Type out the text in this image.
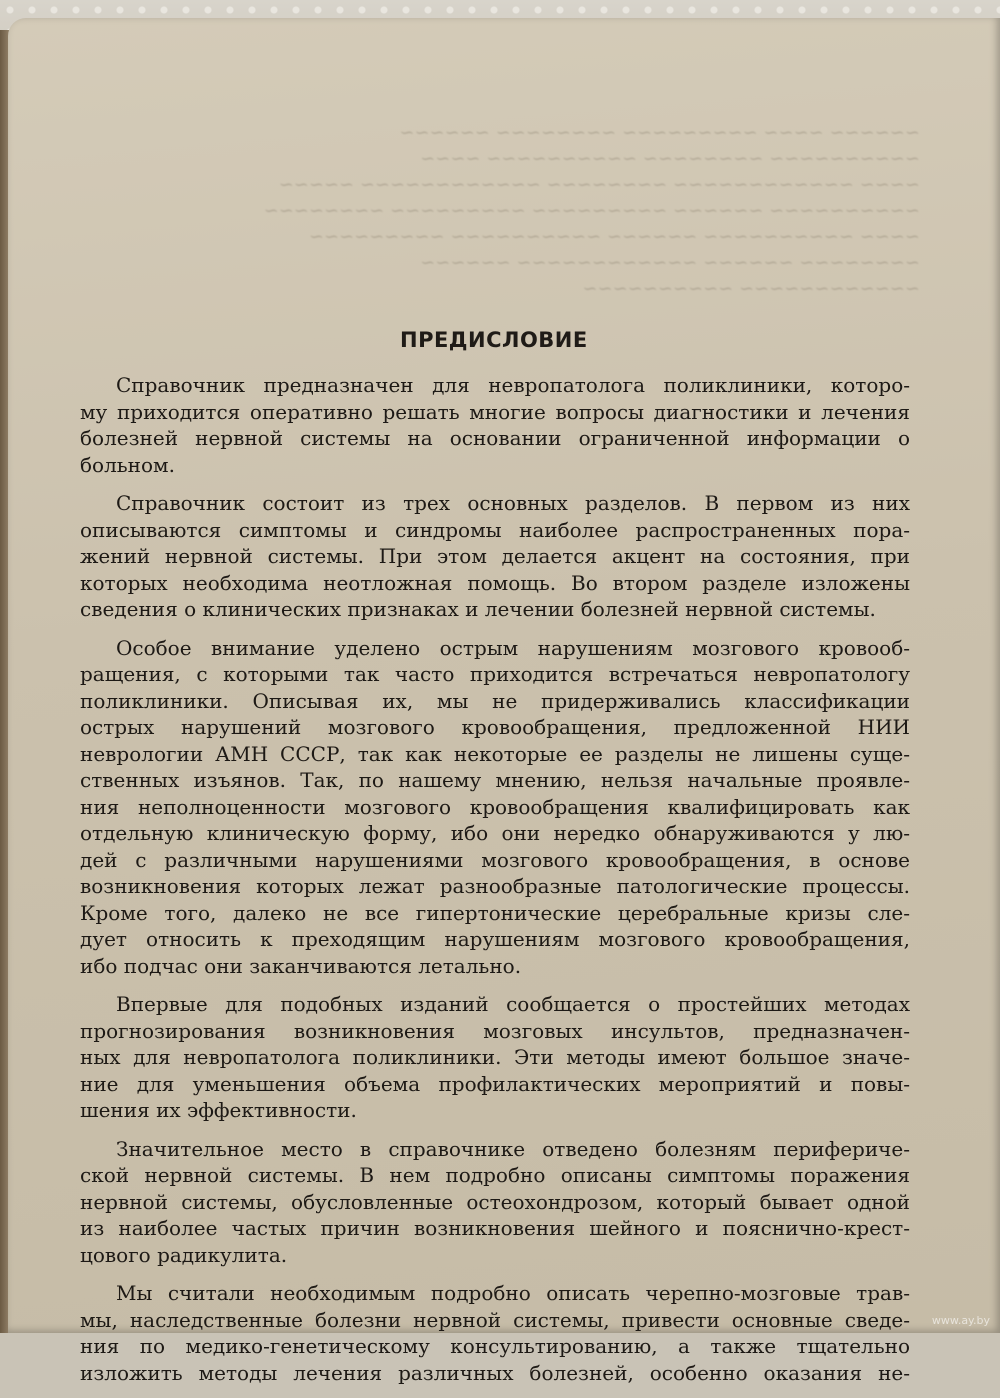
~~~~~~ ~~~~ ~~~~~~~~~ ~~~~~~~~ ~~~~~~

~~~~~~~~~~ ~~~~~~~~ ~~~~~~~~~~ ~~~~

~~~~ ~~~~~~~~~~~~ ~~~~~~~~ ~~~~~~~~~~~~ ~~~~~

~~~~~~~~~~ ~~~~~~ ~~~~~~~~~ ~~~~~~~~~ ~~~~~~~~

~~~~ ~~~~~~~~~~ ~~~~~~ ~~~~~~~~~~ ~~~~~~~~~

~~~~~~~~ ~~~~~~ ~~~~~~~~~~~~ ~~~~~~

~~~~~~~~~~~~ ~~~~~~~~~~

ПРЕДИСЛОВИЕ

Справочник предназначен для невропатолога поликлиники, которо-
му приходится оперативно решать многие вопросы диагностики и лечения
болезней нервной системы на основании ограниченной информации о
больном.

Справочник состоит из трех основных разделов. В первом из них
описываются симптомы и синдромы наиболее распространенных пора-
жений нервной системы. При этом делается акцент на состояния, при
которых необходима неотложная помощь. Во втором разделе изложены
сведения о клинических признаках и лечении болезней нервной системы.

Особое внимание уделено острым нарушениям мозгового кровооб-
ращения, с которыми так часто приходится встречаться невропатологу
поликлиники. Описывая их, мы не придерживались классификации
острых нарушений мозгового кровообращения, предложенной НИИ
неврологии АМН СССР, так как некоторые ее разделы не лишены суще-
ственных изъянов. Так, по нашему мнению, нельзя начальные проявле-
ния неполноценности мозгового кровообращения квалифицировать как
отдельную клиническую форму, ибо они нередко обнаруживаются у лю-
дей с различными нарушениями мозгового кровообращения, в основе
возникновения которых лежат разнообразные патологические процессы.
Кроме того, далеко не все гипертонические церебральные кризы сле-
дует относить к преходящим нарушениям мозгового кровообращения,
ибо подчас они заканчиваются летально.

Впервые для подобных изданий сообщается о простейших методах
прогнозирования возникновения мозговых инсультов, предназначен-
ных для невропатолога поликлиники. Эти методы имеют большое значе-
ние для уменьшения объема профилактических мероприятий и повы-
шения их эффективности.

Значительное место в справочнике отведено болезням перифериче-
ской нервной системы. В нем подробно описаны симптомы поражения
нервной системы, обусловленные остеохондрозом, который бывает одной
из наиболее частых причин возникновения шейного и пояснично-крест-
цового радикулита.

Мы считали необходимым подробно описать черепно-мозговые трав-
мы, наследственные болезни нервной системы, привести основные сведе-
ния по медико-генетическому консультированию, а также тщательно
изложить методы лечения различных болезней, особенно оказания не-

www.ay.by
